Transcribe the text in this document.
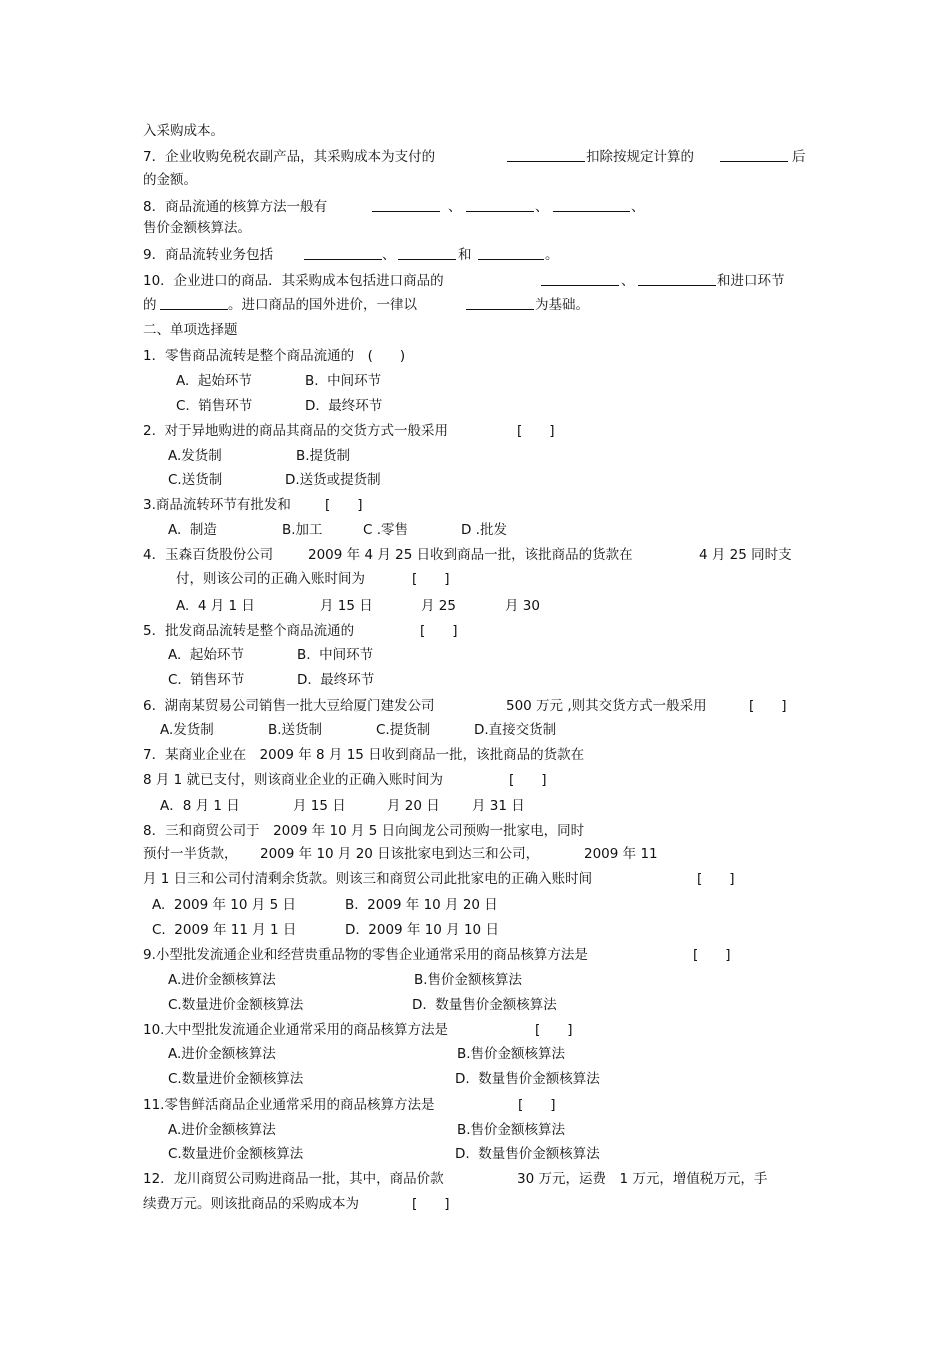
入采购成本。
7．企业收购免税农副产品，其采购成本为支付的	扣除按规定计算的	后
的金额。
8．商品流通的核算方法一般有	、	、	、
售价金额核算法。
9．商品流转业务包括	、	和	。
10．企业进口的商品．其采购成本包括进口商品的	、	和进口环节
的	。进口商品的国外进价，一律以	为基础。
二、单项选择题
1．零售商品流转是整个商品流通的　(　　)
A.  起始环节	B.  中间环节
C.  销售环节	D.  最终环节
2.  对于异地购进的商品其商品的交货方式一般采用	[　　]
A.发货制	B.提货制
C.送货制	D.送货或提货制
3.商品流转环节有批发和	[　　]
A.  制造	B.加工	C .零售	D .批发
4．玉森百货股份公司	2009 年 4 月 25 日收到商品一批，该批商品的货款在	4 月 25 同时支
付，则该公司的正确入账时间为	[　　]
A.  4 月 1 日	月 15 日	月 25	月 30
5．批发商品流转是整个商品流通的	[　　]
A.  起始环节	B.  中间环节
C.  销售环节	D.  最终环节
6.  湖南某贸易公司销售一批大豆给厦门建发公司	500 万元 ,则其交货方式一般采用	[　　]
A.发货制	B.送货制	C.提货制	D.直接交货制
7．某商业企业在　2009 年 8 月 15 日收到商品一批，该批商品的货款在
8 月 1 就已支付，则该商业企业的正确入账时间为	[　　]
A．8 月 1 日	月 15 日	月 20 日 月 31 日
8．三和商贸公司于　2009 年 10 月 5 日向闽龙公司预购一批家电，同时
预付一半货款， 2009 年 10 月 20 日该批家电到达三和公司，	2009 年 11
月 1 日三和公司付清剩余货款。则该三和商贸公司此批家电的正确入账时间	[　　]
A.  2009 年 10 月 5 日	B.  2009 年 10 月 20 日
C.  2009 年 11 月 1 日	D.  2009 年 10 月 10 日
9.小型批发流通企业和经营贵重品物的零售企业通常采用的商品核算方法是	[　　]
A.进价金额核算法	B.售价金额核算法
C.数量进价金额核算法	D.  数量售价金额核算法
10.大中型批发流通企业通常采用的商品核算方法是	[　　]
A.进价金额核算法	B.售价金额核算法
C.数量进价金额核算法	D.  数量售价金额核算法
11.零售鲜活商品企业通常采用的商品核算方法是	[　　]
A.进价金额核算法	B.售价金额核算法
C.数量进价金额核算法	D.  数量售价金额核算法
12．龙川商贸公司购进商品一批，其中，商品价款	30 万元，运费　1 万元，增值税万元，手
续费万元。则该批商品的采购成本为	[　　]
